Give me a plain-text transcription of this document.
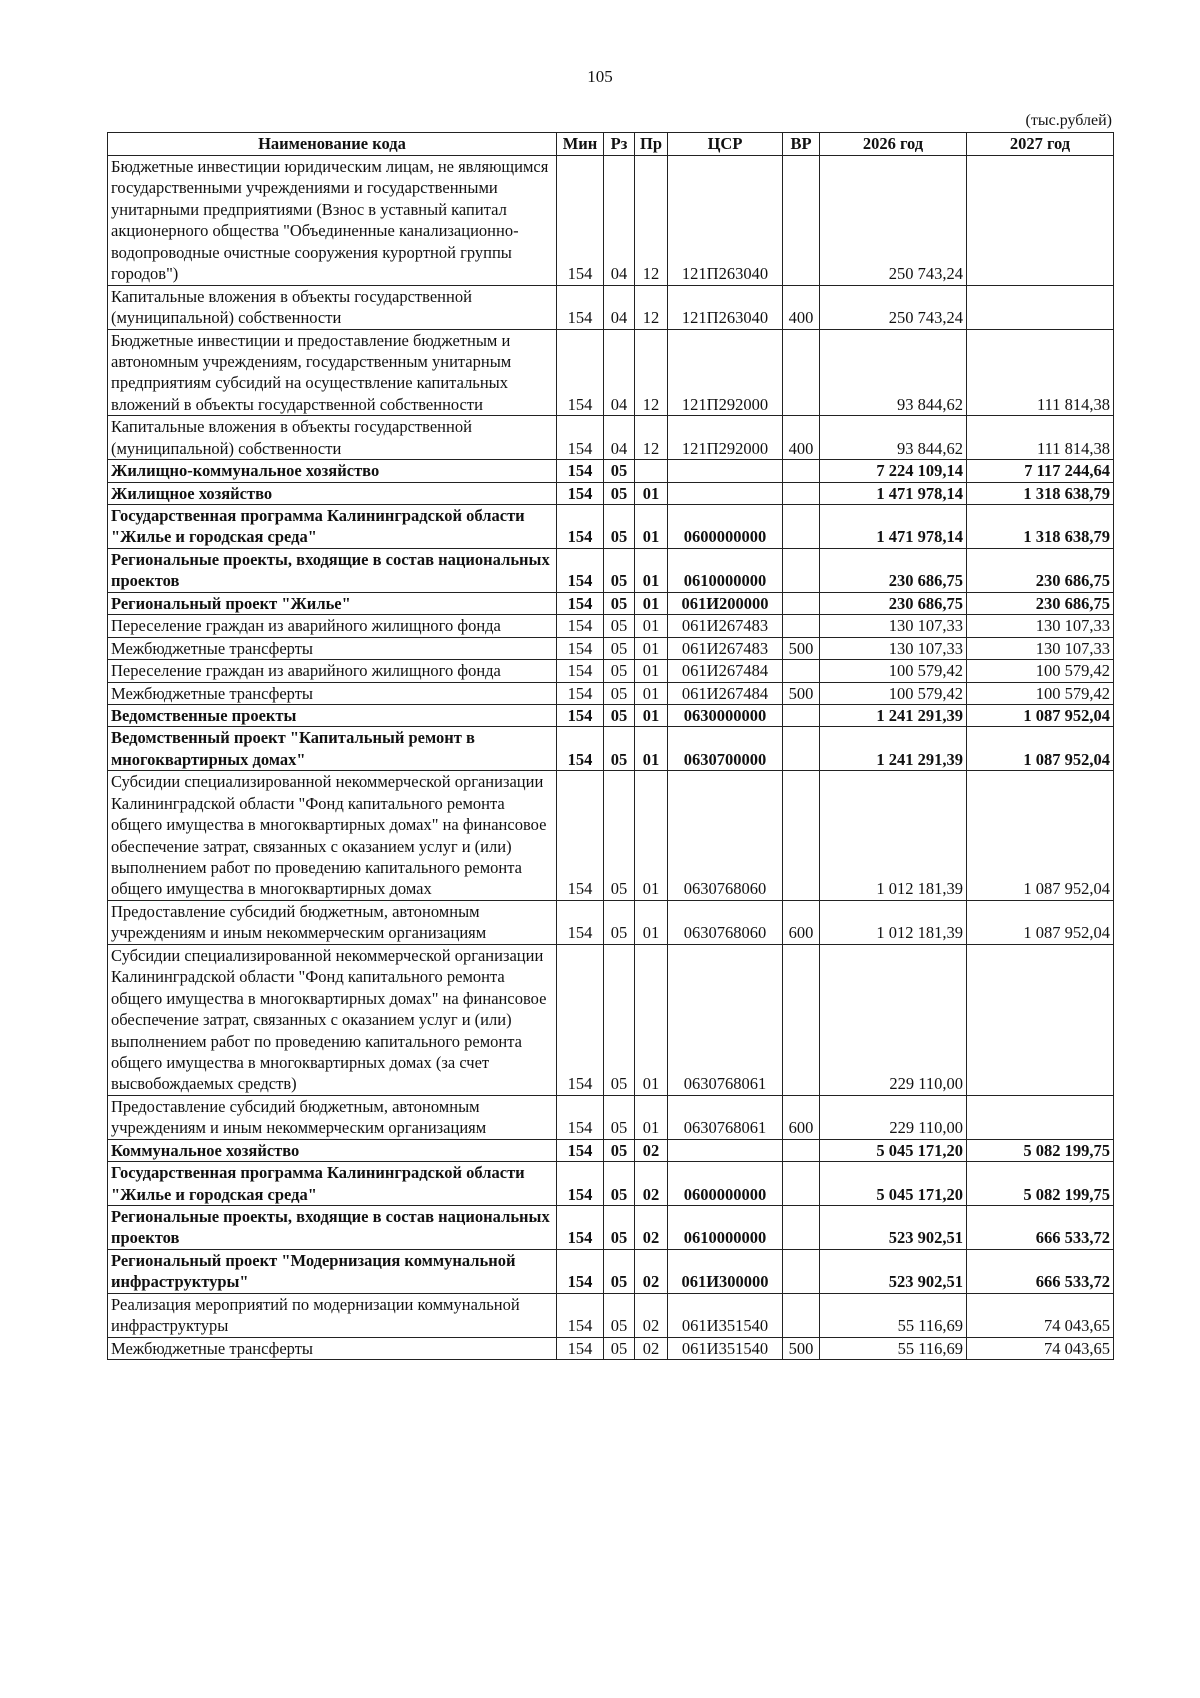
105
(тыс.рублей)
Наименование кода	Мин	Рз	Пр	ЦСР	ВР	2026 год	2027 год
Бюджетные инвестиции юридическим лицам, не являющимся государственными учреждениями и государственными унитарными предприятиями (Взнос в уставный капитал акционерного общества "Объединенные канализационно-водопроводные очистные сооружения курортной группы городов")	154	04	12	121П263040		250 743,24	
Капитальные вложения в объекты государственной (муниципальной) собственности	154	04	12	121П263040	400	250 743,24	
Бюджетные инвестиции и предоставление бюджетным и автономным учреждениям, государственным унитарным предприятиям субсидий на осуществление капитальных вложений в объекты государственной собственности	154	04	12	121П292000		93 844,62	111 814,38
Капитальные вложения в объекты государственной (муниципальной) собственности	154	04	12	121П292000	400	93 844,62	111 814,38
Жилищно-коммунальное хозяйство	154	05				7 224 109,14	7 117 244,64
Жилищное хозяйство	154	05	01			1 471 978,14	1 318 638,79
Государственная программа Калининградской области "Жилье и городская среда"	154	05	01	0600000000		1 471 978,14	1 318 638,79
Региональные проекты, входящие в состав национальных проектов	154	05	01	0610000000		230 686,75	230 686,75
Региональный проект "Жилье"	154	05	01	061И200000		230 686,75	230 686,75
Переселение граждан из аварийного жилищного фонда	154	05	01	061И267483		130 107,33	130 107,33
Межбюджетные трансферты	154	05	01	061И267483	500	130 107,33	130 107,33
Переселение граждан из аварийного жилищного фонда	154	05	01	061И267484		100 579,42	100 579,42
Межбюджетные трансферты	154	05	01	061И267484	500	100 579,42	100 579,42
Ведомственные проекты	154	05	01	0630000000		1 241 291,39	1 087 952,04
Ведомственный проект "Капитальный ремонт в многоквартирных домах"	154	05	01	0630700000		1 241 291,39	1 087 952,04
Субсидии специализированной некоммерческой организации Калининградской области "Фонд капитального ремонта общего имущества в многоквартирных домах" на финансовое обеспечение затрат, связанных с оказанием услуг и (или) выполнением работ по проведению капитального ремонта общего имущества в многоквартирных домах	154	05	01	0630768060		1 012 181,39	1 087 952,04
Предоставление субсидий бюджетным, автономным учреждениям и иным некоммерческим организациям	154	05	01	0630768060	600	1 012 181,39	1 087 952,04
Субсидии специализированной некоммерческой организации Калининградской области "Фонд капитального ремонта общего имущества в многоквартирных домах" на финансовое обеспечение затрат, связанных с оказанием услуг и (или) выполнением работ по проведению капитального ремонта общего имущества в многоквартирных домах (за счет высвобождаемых средств)	154	05	01	0630768061		229 110,00	
Предоставление субсидий бюджетным, автономным учреждениям и иным некоммерческим организациям	154	05	01	0630768061	600	229 110,00	
Коммунальное хозяйство	154	05	02			5 045 171,20	5 082 199,75
Государственная программа Калининградской области "Жилье и городская среда"	154	05	02	0600000000		5 045 171,20	5 082 199,75
Региональные проекты, входящие в состав национальных проектов	154	05	02	0610000000		523 902,51	666 533,72
Региональный проект "Модернизация коммунальной инфраструктуры"	154	05	02	061И300000		523 902,51	666 533,72
Реализация мероприятий по модернизации коммунальной инфраструктуры	154	05	02	061И351540		55 116,69	74 043,65
Межбюджетные трансферты	154	05	02	061И351540	500	55 116,69	74 043,65
